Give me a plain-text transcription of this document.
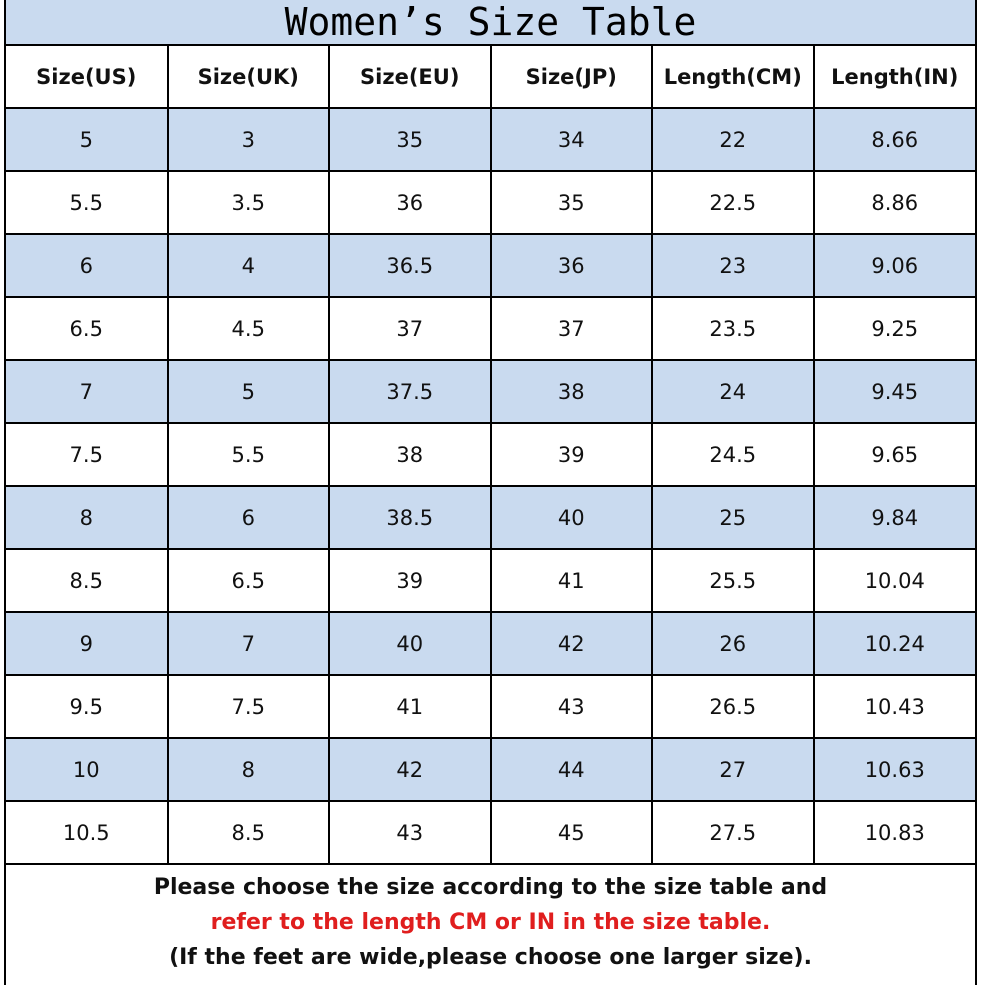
Women’s Size Table
Size(US)	Size(UK)	Size(EU)	Size(JP)	Length(CM)	Length(IN)
5	3	35	34	22	8.66
5.5	3.5	36	35	22.5	8.86
6	4	36.5	36	23	9.06
6.5	4.5	37	37	23.5	9.25
7	5	37.5	38	24	9.45
7.5	5.5	38	39	24.5	9.65
8	6	38.5	40	25	9.84
8.5	6.5	39	41	25.5	10.04
9	7	40	42	26	10.24
9.5	7.5	41	43	26.5	10.43
10	8	42	44	27	10.63
10.5	8.5	43	45	27.5	10.83
Please choose the size according to the size table and
refer to the length CM or IN in the size table.
(If the feet are wide,please choose one larger size).
